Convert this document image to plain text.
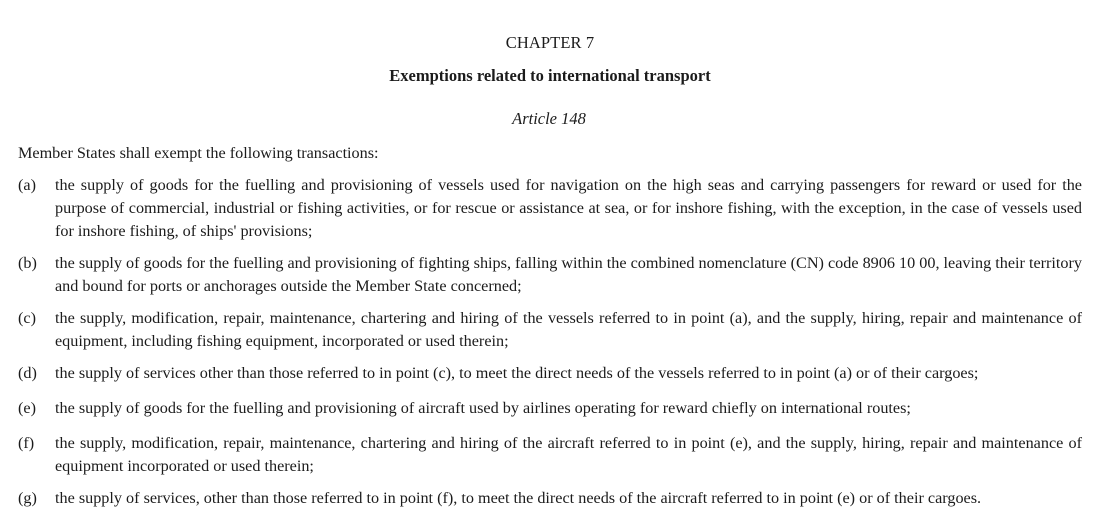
CHAPTER 7
Exemptions related to international transport
Article 148
Member States shall exempt the following transactions:
(a)	the supply of goods for the fuelling and provisioning of vessels used for navigation on the high seas and carrying passengers for reward or used for the purpose of commercial, industrial or fishing activities, or for rescue or assistance at sea, or for inshore fishing, with the exception, in the case of vessels used for inshore fishing, of ships' provisions;
(b)	the supply of goods for the fuelling and provisioning of fighting ships, falling within the combined nomenclature (CN) code 8906 10 00, leaving their territory and bound for ports or anchorages outside the Member State concerned;
(c)	the supply, modification, repair, maintenance, chartering and hiring of the vessels referred to in point (a), and the supply, hiring, repair and maintenance of equipment, including fishing equipment, incorporated or used therein;
(d)	the supply of services other than those referred to in point (c), to meet the direct needs of the vessels referred to in point (a) or of their cargoes;
(e)	the supply of goods for the fuelling and provisioning of aircraft used by airlines operating for reward chiefly on international routes;
(f)	the supply, modification, repair, maintenance, chartering and hiring of the aircraft referred to in point (e), and the supply, hiring, repair and maintenance of equipment incorporated or used therein;
(g)	the supply of services, other than those referred to in point (f), to meet the direct needs of the aircraft referred to in point (e) or of their cargoes.
